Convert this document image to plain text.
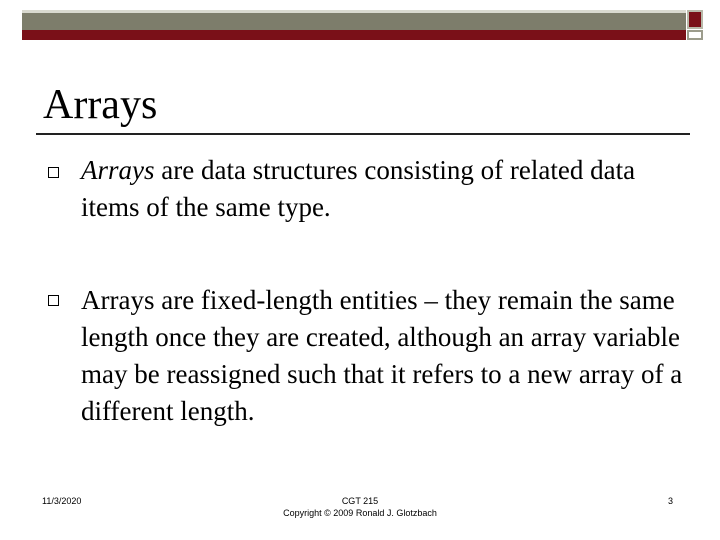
Arrays

Arrays are data structures consisting of related data items of the same type.

Arrays are fixed-length entities – they remain the same length once they are created, although an array variable may be reassigned such that it refers to a new array of a different length.

11/3/2020	CGT 215
Copyright © 2009 Ronald J. Glotzbach
3
